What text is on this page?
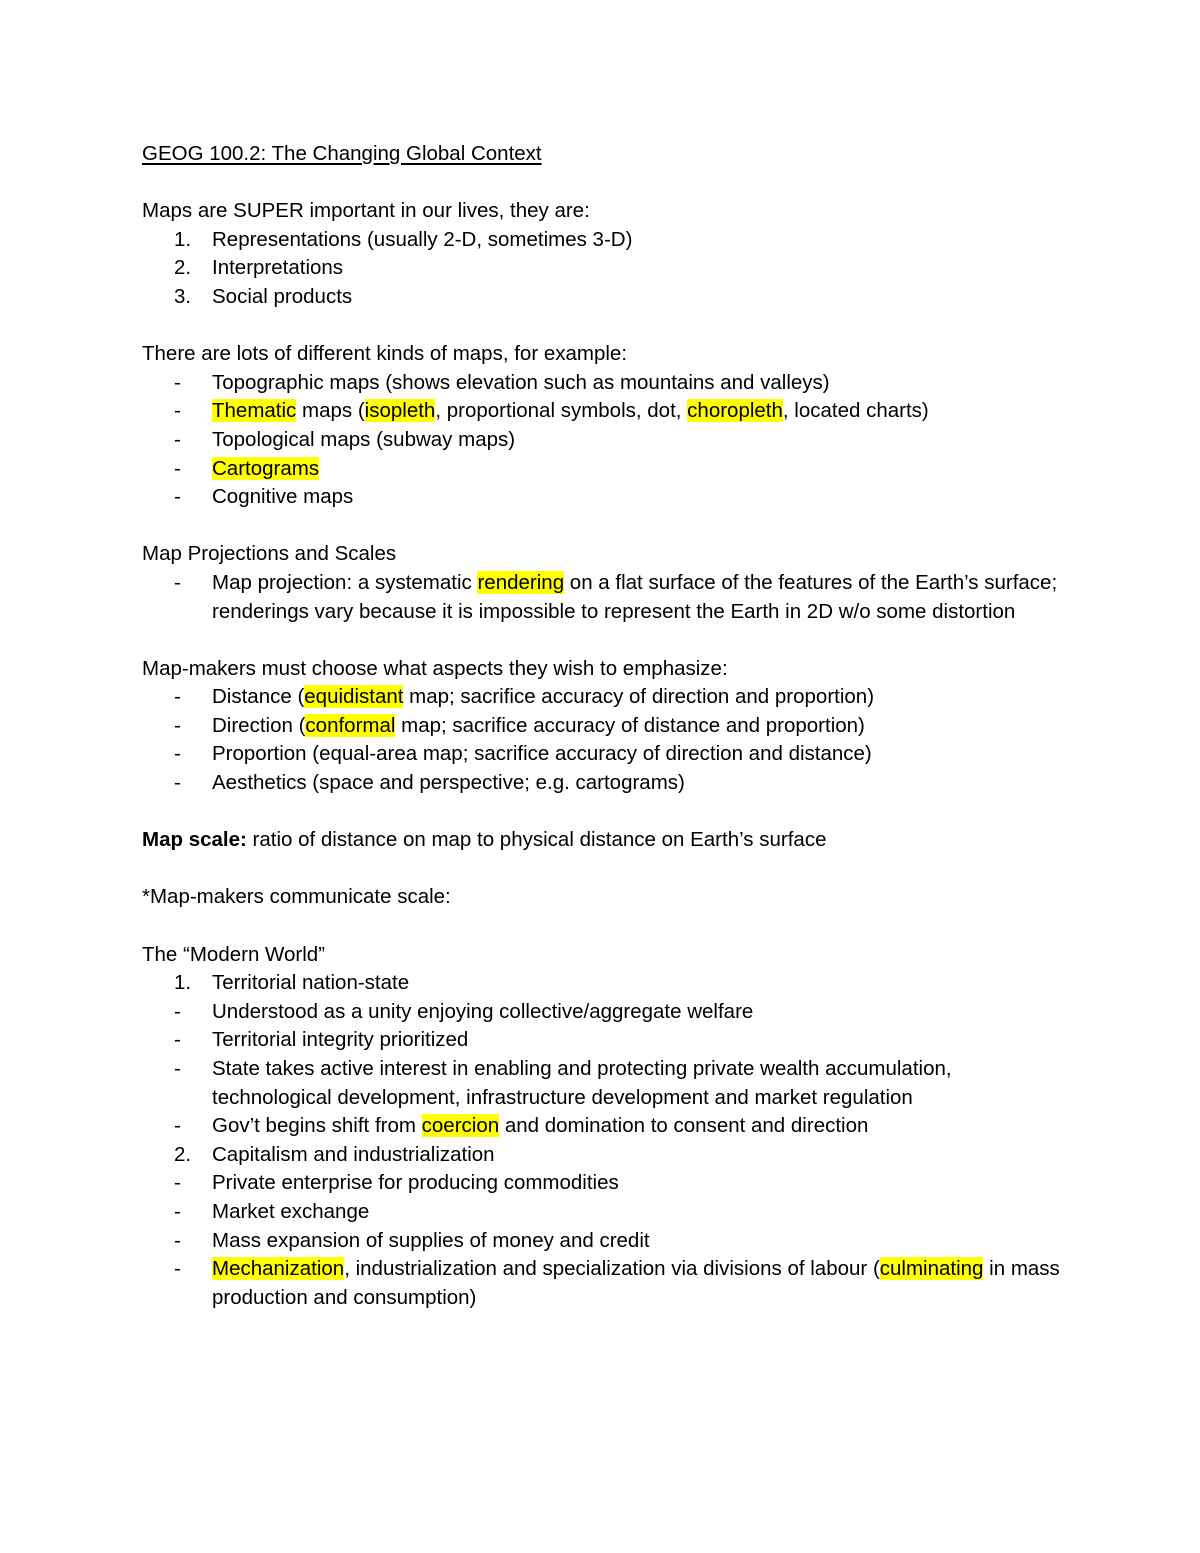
GEOG 100.2: The Changing Global Context
Maps are SUPER important in our lives, they are:
1.	Representations (usually 2-D, sometimes 3-D)
2.	Interpretations
3.	Social products
There are lots of different kinds of maps, for example:
-	Topographic maps (shows elevation such as mountains and valleys)
-	Thematic maps (isopleth, proportional symbols, dot, choropleth, located charts)
-	Topological maps (subway maps)
-	Cartograms
-	Cognitive maps
Map Projections and Scales
-	Map projection: a systematic rendering on a flat surface of the features of the Earth’s surface; renderings vary because it is impossible to represent the Earth in 2D w/o some distortion
Map-makers must choose what aspects they wish to emphasize:
-	Distance (equidistant map; sacrifice accuracy of direction and proportion)
-	Direction (conformal map; sacrifice accuracy of distance and proportion)
-	Proportion (equal-area map; sacrifice accuracy of direction and distance)
-	Aesthetics (space and perspective; e.g. cartograms)
Map scale: ratio of distance on map to physical distance on Earth’s surface
*Map-makers communicate scale:
The “Modern World”
1.	Territorial nation-state
-	Understood as a unity enjoying collective/aggregate welfare
-	Territorial integrity prioritized
-	State takes active interest in enabling and protecting private wealth accumulation, technological development, infrastructure development and market regulation
-	Gov’t begins shift from coercion and domination to consent and direction
2.	Capitalism and industrialization
-	Private enterprise for producing commodities
-	Market exchange
-	Mass expansion of supplies of money and credit
-	Mechanization, industrialization and specialization via divisions of labour (culminating in mass production and consumption)
